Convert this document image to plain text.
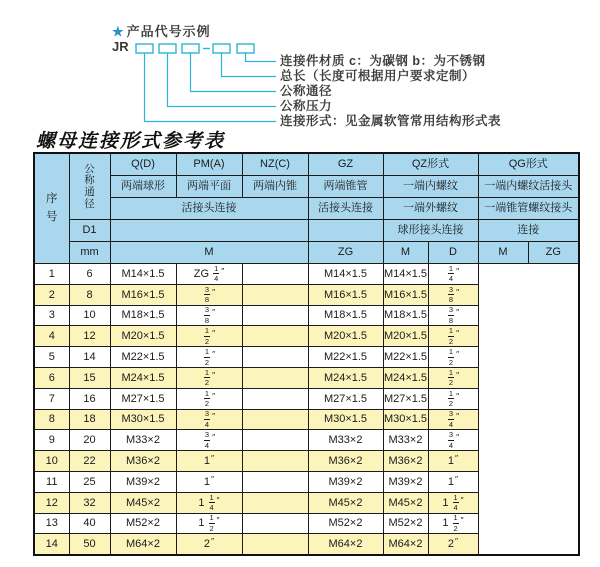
★ 产品代号示例
JR
连接件材质 c：为碳钢 b：为不锈钢
总长（长度可根据用户要求定制）
公称通径
公称压力
连接形式：见金属软管常用结构形式表
螺母连接形式参考表
序
号

公
称
通
径
	Q(D)	PM(A)	NZ(C)	GZ	QZ形式	QG形式
		两端球形	两端平面	两端内锥	两端锥管	一端内螺纹		一端内螺纹活接头	
		活接头连接			活接头连接	一端外螺纹		一端锥管螺纹接头	
	D1					球形接头连接		连接	
	mm	M			ZG	M	D	M	ZG
1	6	M14×1.5	ZG $\frac{1}{4} ''$		M14×1.5	M14×1.5	$\frac{1}{4} ''$
2	8	M16×1.5	$\frac{3}{8} ''$		M16×1.5	M16×1.5	$\frac{3}{8} ''$
3	10	M18×1.5	$\frac{3}{8} ''$		M18×1.5	M18×1.5	$\frac{3}{8} ''$
4	12	M20×1.5	$\frac{1}{2} ''$		M20×1.5	M20×1.5	$\frac{1}{2} ''$
5	14	M22×1.5	$\frac{1}{2} ''$		M22×1.5	M22×1.5	$\frac{1}{2} ''$
6	15	M24×1.5	$\frac{1}{2} ''$		M24×1.5	M24×1.5	$\frac{1}{2} ''$
7	16	M27×1.5	$\frac{1}{2} ''$		M27×1.5	M27×1.5	$\frac{1}{2} ''$
8	18	M30×1.5	$\frac{3}{4} ''$		M30×1.5	M30×1.5	$\frac{3}{4} ''$
9	20	M33×2	$\frac{3}{4} ''$		M33×2	M33×2	$\frac{3}{4} ''$
10	22	M36×2	1″		M36×2	M36×2	1″
11	25	M39×2	1″		M39×2	M39×2	1″
12	32	M45×2	$1 \frac{1}{4} ''$		M45×2	M45×2	$1 \frac{1}{4} ''$
13	40	M52×2	$1 \frac{1}{2} ''$		M52×2	M52×2	$1 \frac{1}{2} ''$
14	50	M64×2	2″		M64×2	M64×2	2″
